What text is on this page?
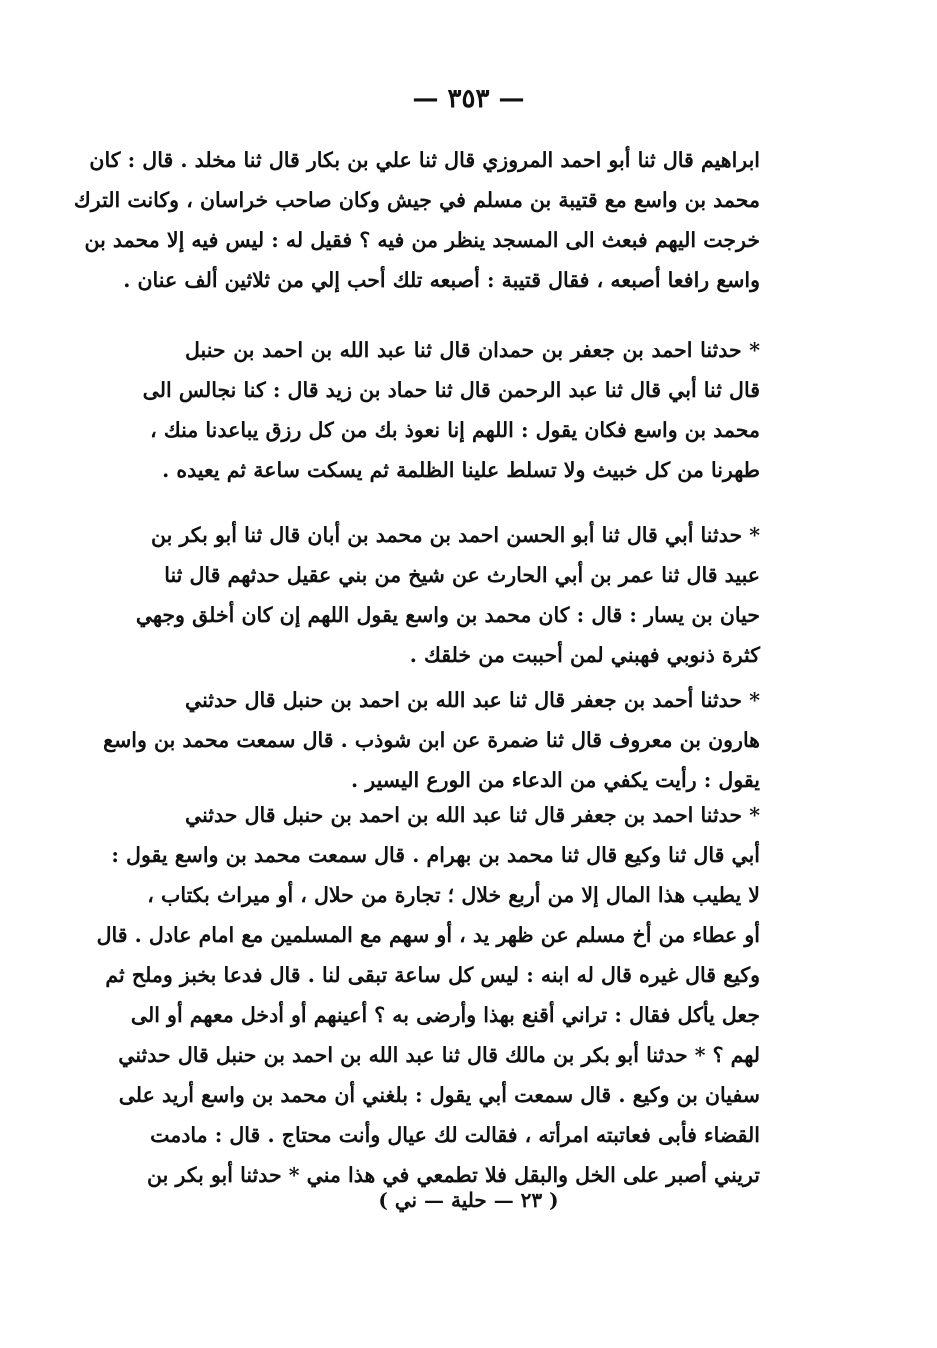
— ٣٥٣ —
ابراهيم قال ثنا أبو احمد المروزي قال ثنا علي بن بكار قال ثنا مخلد . قال : كان
محمد بن واسع مع قتيبة بن مسلم في جيش وكان صاحب خراسان ، وكانت الترك
خرجت اليهم فبعث الى المسجد ينظر من فيه ؟ فقيل له : ليس فيه إلا محمد بن
واسع رافعا أصبعه ، فقال قتيبة : أصبعه تلك أحب إلي من ثلاثين ألف عنان .
* حدثنا احمد بن جعفر بن حمدان قال ثنا عبد الله بن احمد بن حنبل
قال ثنا أبي قال ثنا عبد الرحمن قال ثنا حماد بن زيد قال : كنا نجالس الى
محمد بن واسع فكان يقول : اللهم إنا نعوذ بك من كل رزق يباعدنا منك ،
طهرنا من كل خبيث ولا تسلط علينا الظلمة ثم يسكت ساعة ثم يعيده .
* حدثنا أبي قال ثنا أبو الحسن احمد بن محمد بن أبان قال ثنا أبو بكر بن
عبيد قال ثنا عمر بن أبي الحارث عن شيخ من بني عقيل حدثهم قال ثنا
حيان بن يسار : قال : كان محمد بن واسع يقول اللهم إن كان أخلق وجهي
كثرة ذنوبي فهبني لمن أحببت من خلقك .
* حدثنا أحمد بن جعفر قال ثنا عبد الله بن احمد بن حنبل قال حدثني
هارون بن معروف قال ثنا ضمرة عن ابن شوذب . قال سمعت محمد بن واسع
يقول : رأيت يكفي من الدعاء من الورع اليسير .
* حدثنا احمد بن جعفر قال ثنا عبد الله بن احمد بن حنبل قال حدثني
أبي قال ثنا وكيع قال ثنا محمد بن بهرام . قال سمعت محمد بن واسع يقول :
لا يطيب هذا المال إلا من أربع خلال ؛ تجارة من حلال ، أو ميراث بكتاب ،
أو عطاء من أخ مسلم عن ظهر يد ، أو سهم مع المسلمين مع امام عادل . قال
وكيع قال غيره قال له ابنه : ليس كل ساعة تبقى لنا . قال فدعا بخبز وملح ثم
جعل يأكل فقال : تراني أقنع بهذا وأرضى به ؟ أعينهم أو أدخل معهم أو الى
لهم ؟ * حدثنا أبو بكر بن مالك قال ثنا عبد الله بن احمد بن حنبل قال حدثني
سفيان بن وكيع . قال سمعت أبي يقول : بلغني أن محمد بن واسع أريد على
القضاء فأبى فعاتبته امرأته ، فقالت لك عيال وأنت محتاج . قال : مادمت
تريني أصبر على الخل والبقل فلا تطمعي في هذا مني * حدثنا أبو بكر بن
( ٢٣ — حلية — ني )
